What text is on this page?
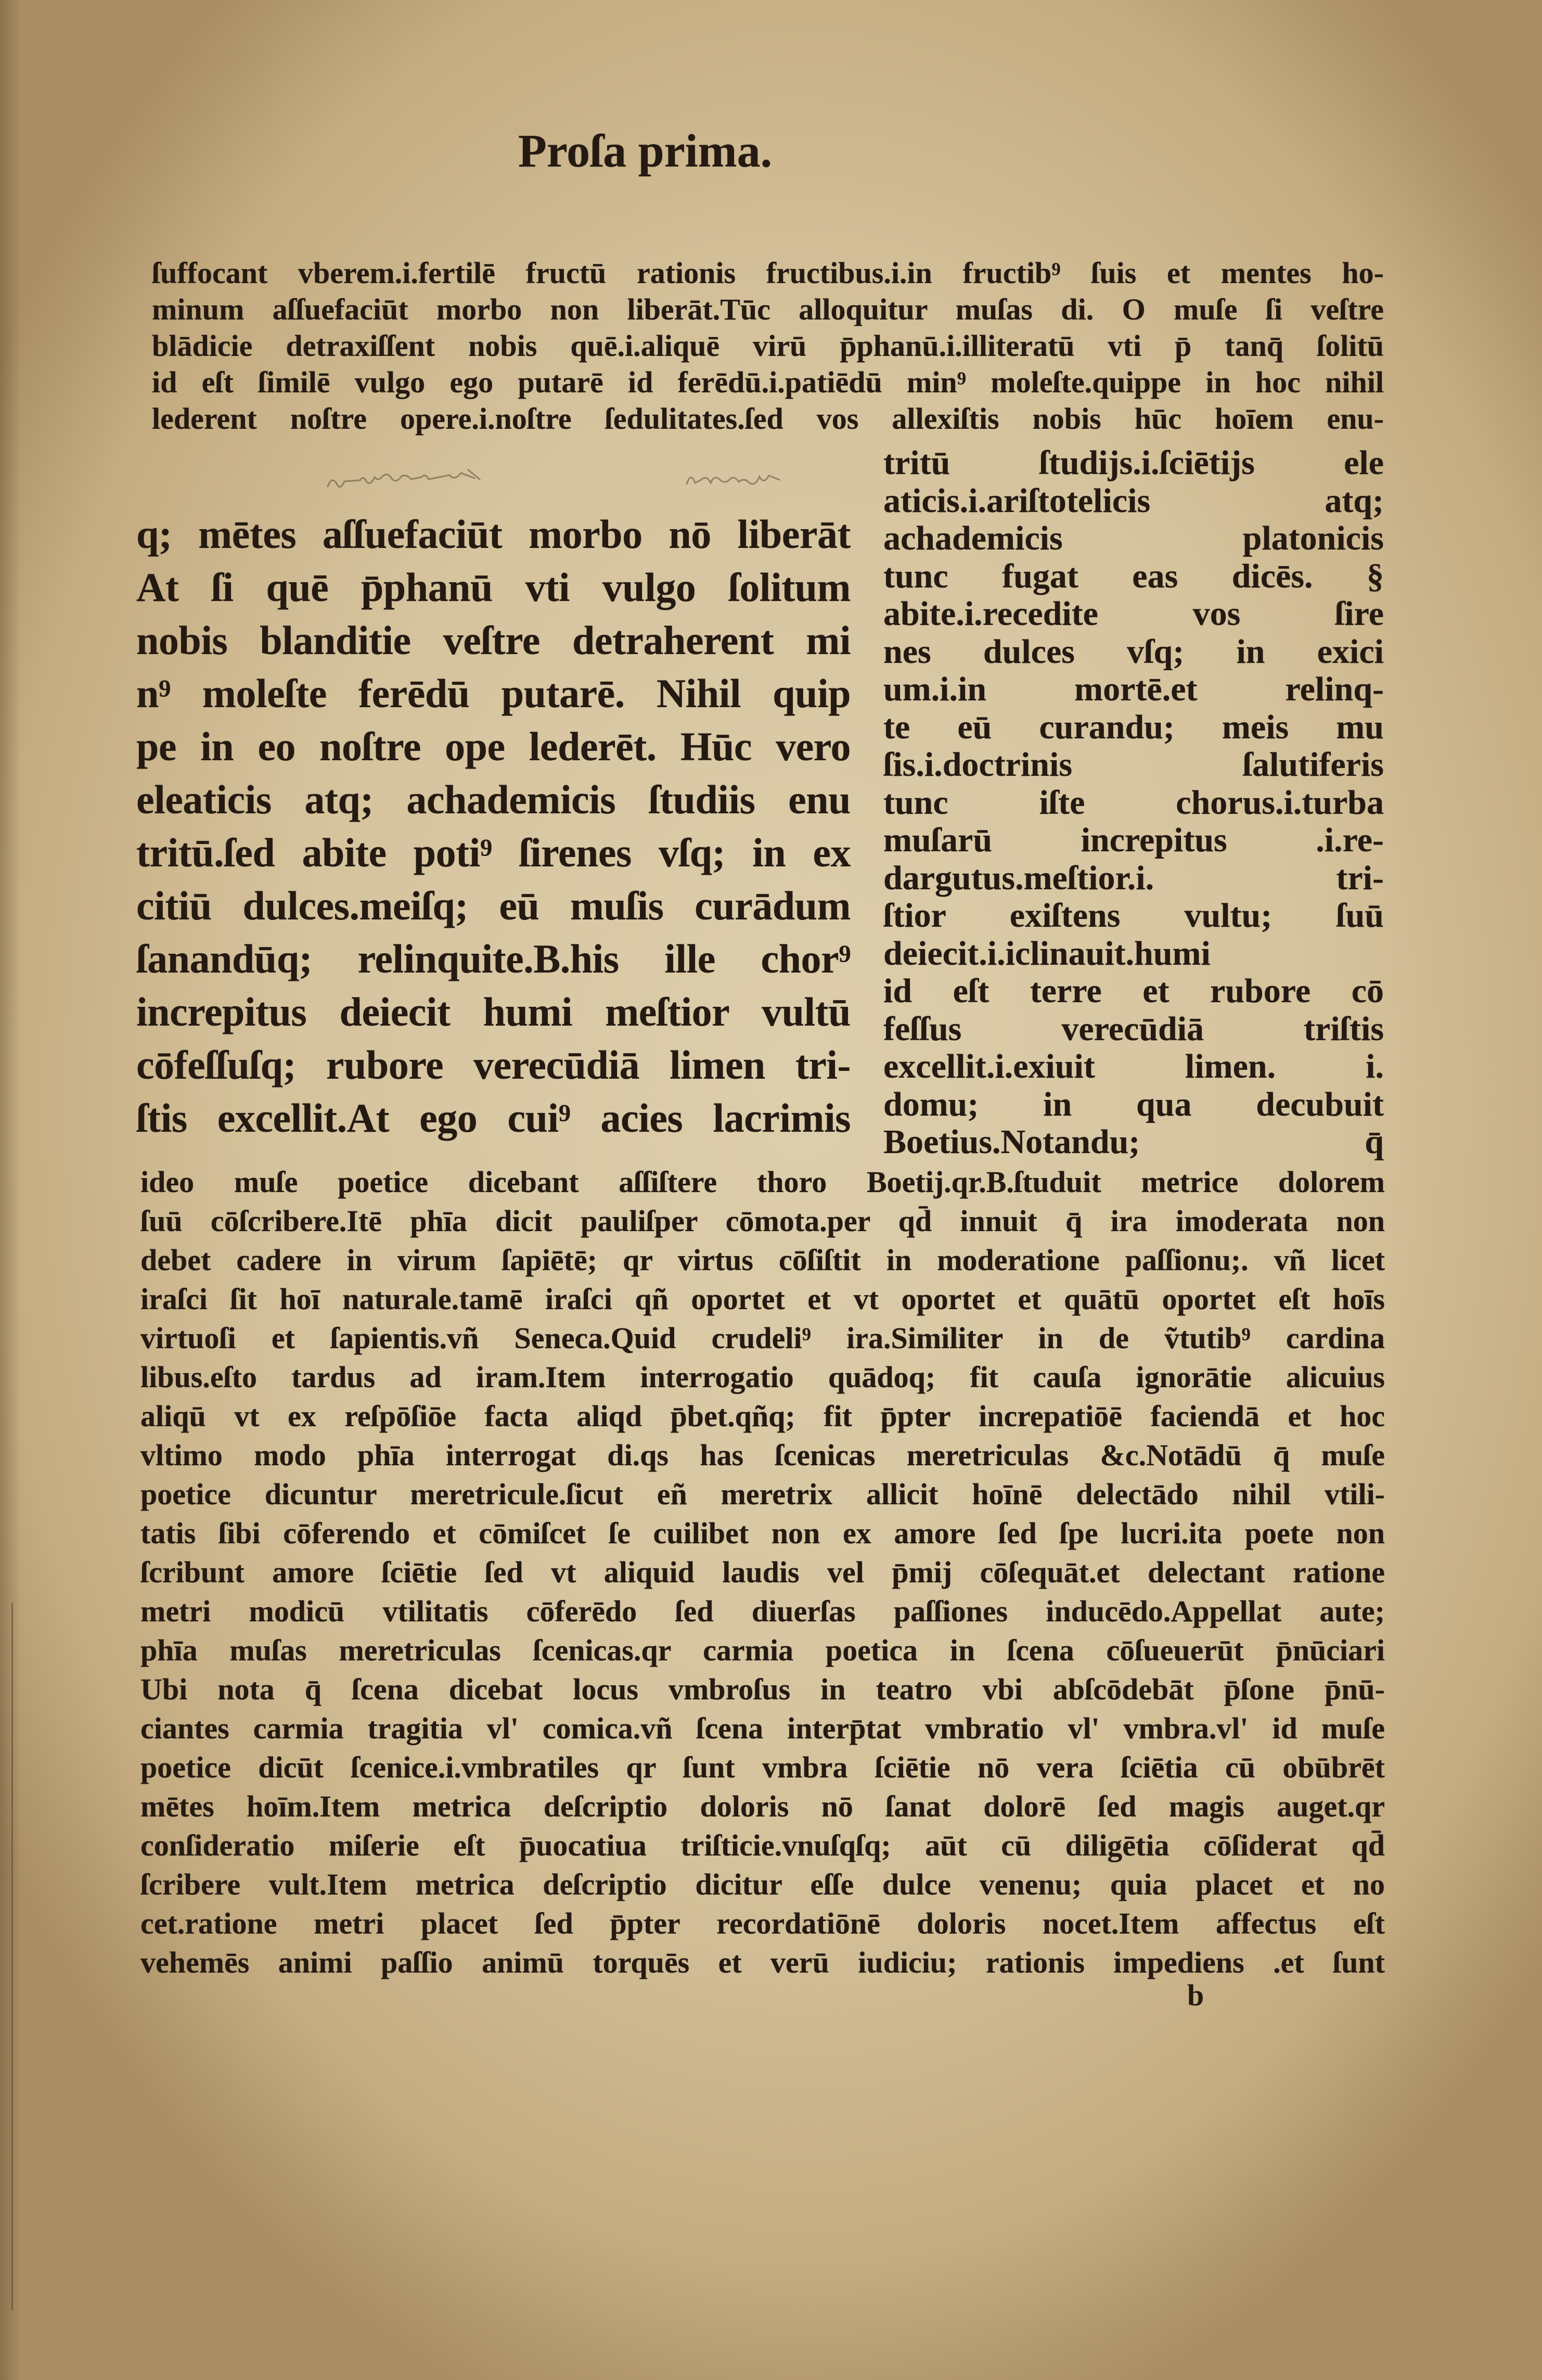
Proſa prima.
ſuffocant vberem.i.fertilē fructū rationis fructibus.i.in fructib⁹ ſuis et mentes ho-
minum aſſuefaciūt morbo non liberāt.Tūc alloquitur muſas di. O muſe ſi veſtre
blādicie detraxiſſent nobis quē.i.aliquē virū p̄phanū.i.illiteratū vti p̄ tanq̄ ſolitū
id eſt ſimilē vulgo ego putarē id ferēdū.i.patiēdū min⁹ moleſte.quippe in hoc nihil
lederent noſtre opere.i.noſtre ſedulitates.ſed vos allexiſtis nobis hūc hoīem enu-
q; mētes aſſuefaciūt morbo nō liberāt
At ſi quē p̄phanū vti vulgo ſolitum
nobis blanditie veſtre detraherent mi
n⁹ moleſte ferēdū putarē. Nihil quip
pe in eo noſtre ope lederēt. Hūc vero
eleaticis atq; achademicis ſtudiis enu
tritū.ſed abite poti⁹ ſirenes vſq; in ex
citiū dulces.meiſq; eū muſis curādum
ſanandūq; relinquite.B.his ille chor⁹
increpitus deiecit humi meſtior vultū
cōfeſſuſq; rubore verecūdiā limen tri-
ſtis excellit.At ego cui⁹ acies lacrimis
tritū ſtudijs.i.ſciētijs ele
aticis.i.ariſtotelicis atq;
achademicis platonicis
tunc fugat eas dicēs. §
abite.i.recedite vos ſire
nes dulces vſq; in exici
um.i.in mortē.et relinq-
te eū curandu; meis mu
ſis.i.doctrinis ſalutiferis
tunc iſte chorus.i.turba
muſarū increpitus .i.re-
dargutus.meſtior.i. tri-
ſtior exiſtens vultu; ſuū
deiecit.i.iclinauit.humi
id eſt terre et rubore cō
feſſus verecūdiā triſtis
excellit.i.exiuit limen. i.
domu; in qua decubuit
Boetius.Notandu; q̄
ideo muſe poetice dicebant aſſiſtere thoro Boetij.qr.B.ſtuduit metrice dolorem
ſuū cōſcribere.Itē phīa dicit pauliſper cōmota.per qd̄ innuit q̄ ira imoderata non
debet cadere in virum ſapiētē; qr virtus cōſiſtit in moderatione paſſionu;. vñ licet
iraſci ſit hoī naturale.tamē iraſci qñ oportet et vt oportet et quātū oportet eſt hoīs
virtuoſi et ſapientis.vñ Seneca.Quid crudeli⁹ ira.Similiter in de ṽtutib⁹ cardina
libus.eſto tardus ad iram.Item interrogatio quādoq; fit cauſa ignorātie alicuius
aliqū vt ex reſpōſiōe facta aliqd p̄bet.qñq; fit p̄pter increpatiōē faciendā et hoc
vltimo modo phīa interrogat di.qs has ſcenicas meretriculas &c.Notādū q̄ muſe
poetice dicuntur meretricule.ſicut eñ meretrix allicit hoīnē delectādo nihil vtili-
tatis ſibi cōferendo et cōmiſcet ſe cuilibet non ex amore ſed ſpe lucri.ita poete non
ſcribunt amore ſciētie ſed vt aliquid laudis vel p̄mij cōſequāt.et delectant ratione
metri modicū vtilitatis cōferēdo ſed diuerſas paſſiones inducēdo.Appellat aute;
phīa muſas meretriculas ſcenicas.qr carmia poetica in ſcena cōſueuerūt p̄nūciari
Ubi nota q̄ ſcena dicebat locus vmbroſus in teatro vbi abſcōdebāt p̄ſone p̄nū-
ciantes carmia tragitia vl' comica.vñ ſcena interp̄tat vmbratio vl' vmbra.vl' id muſe
poetice dicūt ſcenice.i.vmbratiles qr ſunt vmbra ſciētie nō vera ſciētia cū obūbrēt
mētes hoīm.Item metrica deſcriptio doloris nō ſanat dolorē ſed magis auget.qr
conſideratio miſerie eſt p̄uocatiua triſticie.vnuſqſq; aūt cū diligētia cōſiderat qd̄
ſcribere vult.Item metrica deſcriptio dicitur eſſe dulce venenu; quia placet et no
cet.ratione metri placet ſed p̄pter recordatiōnē doloris nocet.Item affectus eſt
vehemēs animi paſſio animū torquēs et verū iudiciu; rationis impediens .et ſunt
b
